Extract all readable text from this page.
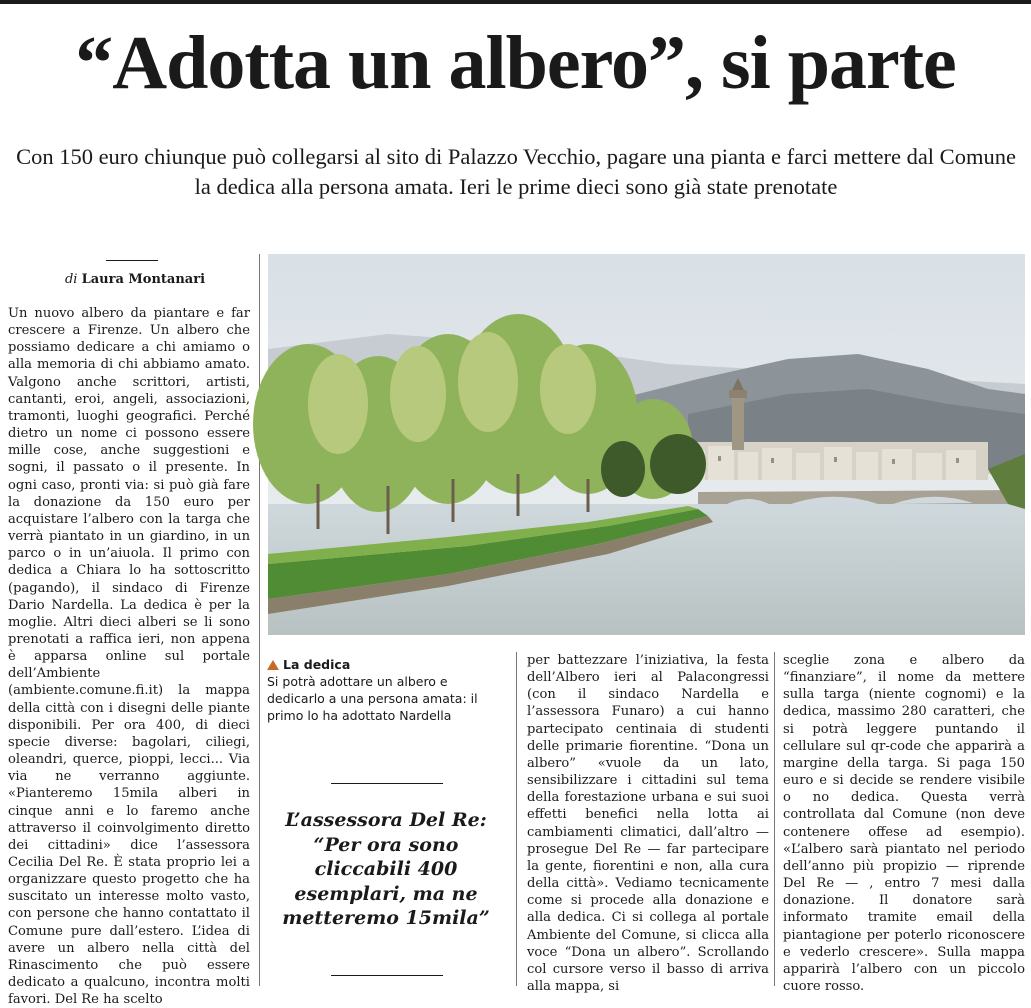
“Adotta un albero”, si parte
Con 150 euro chiunque può collegarsi al sito di Palazzo Vecchio, pagare una pianta e farci mettere dal Comune la dedica alla persona amata. Ieri le prime dieci sono già state prenotate
di Laura Montanari

Un nuovo albero da piantare e far crescere a Firenze. Un albero che possiamo dedicare a chi amiamo o alla memoria di chi abbiamo amato. Valgono anche scrittori, artisti, cantanti, eroi, angeli, associazioni, tramonti, luoghi geografici. Perché dietro un nome ci possono essere mille cose, anche suggestioni e sogni, il passato o il presente. In ogni caso, pronti via: si può già fare la donazione da 150 euro per acquistare l’albero con la targa che verrà piantato in un giardino, in un parco o in un’aiuola. Il primo con dedica a Chiara lo ha sottoscritto (pagando), il sindaco di Firenze Dario Nardella. La dedica è per la moglie. Altri dieci alberi se li sono prenotati a raffica ieri, non appena è apparsa online sul portale dell’Ambiente (ambiente.comune.fi.it) la mappa della città con i disegni delle piante disponibili. Per ora 400, di dieci specie diverse: bagolari, ciliegi, oleandri, querce, pioppi, lecci... Via via ne verranno aggiunte. «Pianteremo 15mila alberi in cinque anni e lo faremo anche attraverso il coinvolgimento diretto dei cittadini» dice l’assessora Cecilia Del Re. È stata proprio lei a organizzare questo progetto che ha suscitato un interesse molto vasto, con persone che hanno contattato il Comune pure dall’estero. L’idea di avere un albero nella città del Rinascimento che può essere dedicato a qualcuno, incontra molti favori. Del Re ha scelto

La dedica
Si potrà adottare un albero e dedicarlo a una persona amata: il primo lo ha adottato Nardella
L’assessora Del Re: “Per ora sono cliccabili 400 esemplari, ma ne metteremo 15mila”

per battezzare l’iniziativa, la festa dell’Albero ieri al Palacongressi (con il sindaco Nardella e l’assessora Funaro) a cui hanno partecipato centinaia di studenti delle primarie fiorentine. “Dona un albero” «vuole da un lato, sensibilizzare i cittadini sul tema della forestazione urbana e sui suoi effetti benefici nella lotta ai cambiamenti climatici, dall’altro — prosegue Del Re — far partecipare la gente, fiorentini e non, alla cura della città». Vediamo tecnicamente come si procede alla donazione e alla dedica. Ci si collega al portale Ambiente del Comune, si clicca alla voce “Dona un albero”. Scrollando col cursore verso il basso di arriva alla mappa, si

sceglie zona e albero da “finanziare”, il nome da mettere sulla targa (niente cognomi) e la dedica, massimo 280 caratteri, che si potrà leggere puntando il cellulare sul qr-code che apparirà a margine della targa. Si paga 150 euro e si decide se rendere visibile o no dedica. Questa verrà controllata dal Comune (non deve contenere offese ad esempio). «L’albero sarà piantato nel periodo dell’anno più propizio — riprende Del Re — , entro 7 mesi dalla donazione. Il donatore sarà informato tramite email della piantagione per poterlo riconoscere e vederlo crescere». Sulla mappa apparirà l’albero con un piccolo cuore rosso.
